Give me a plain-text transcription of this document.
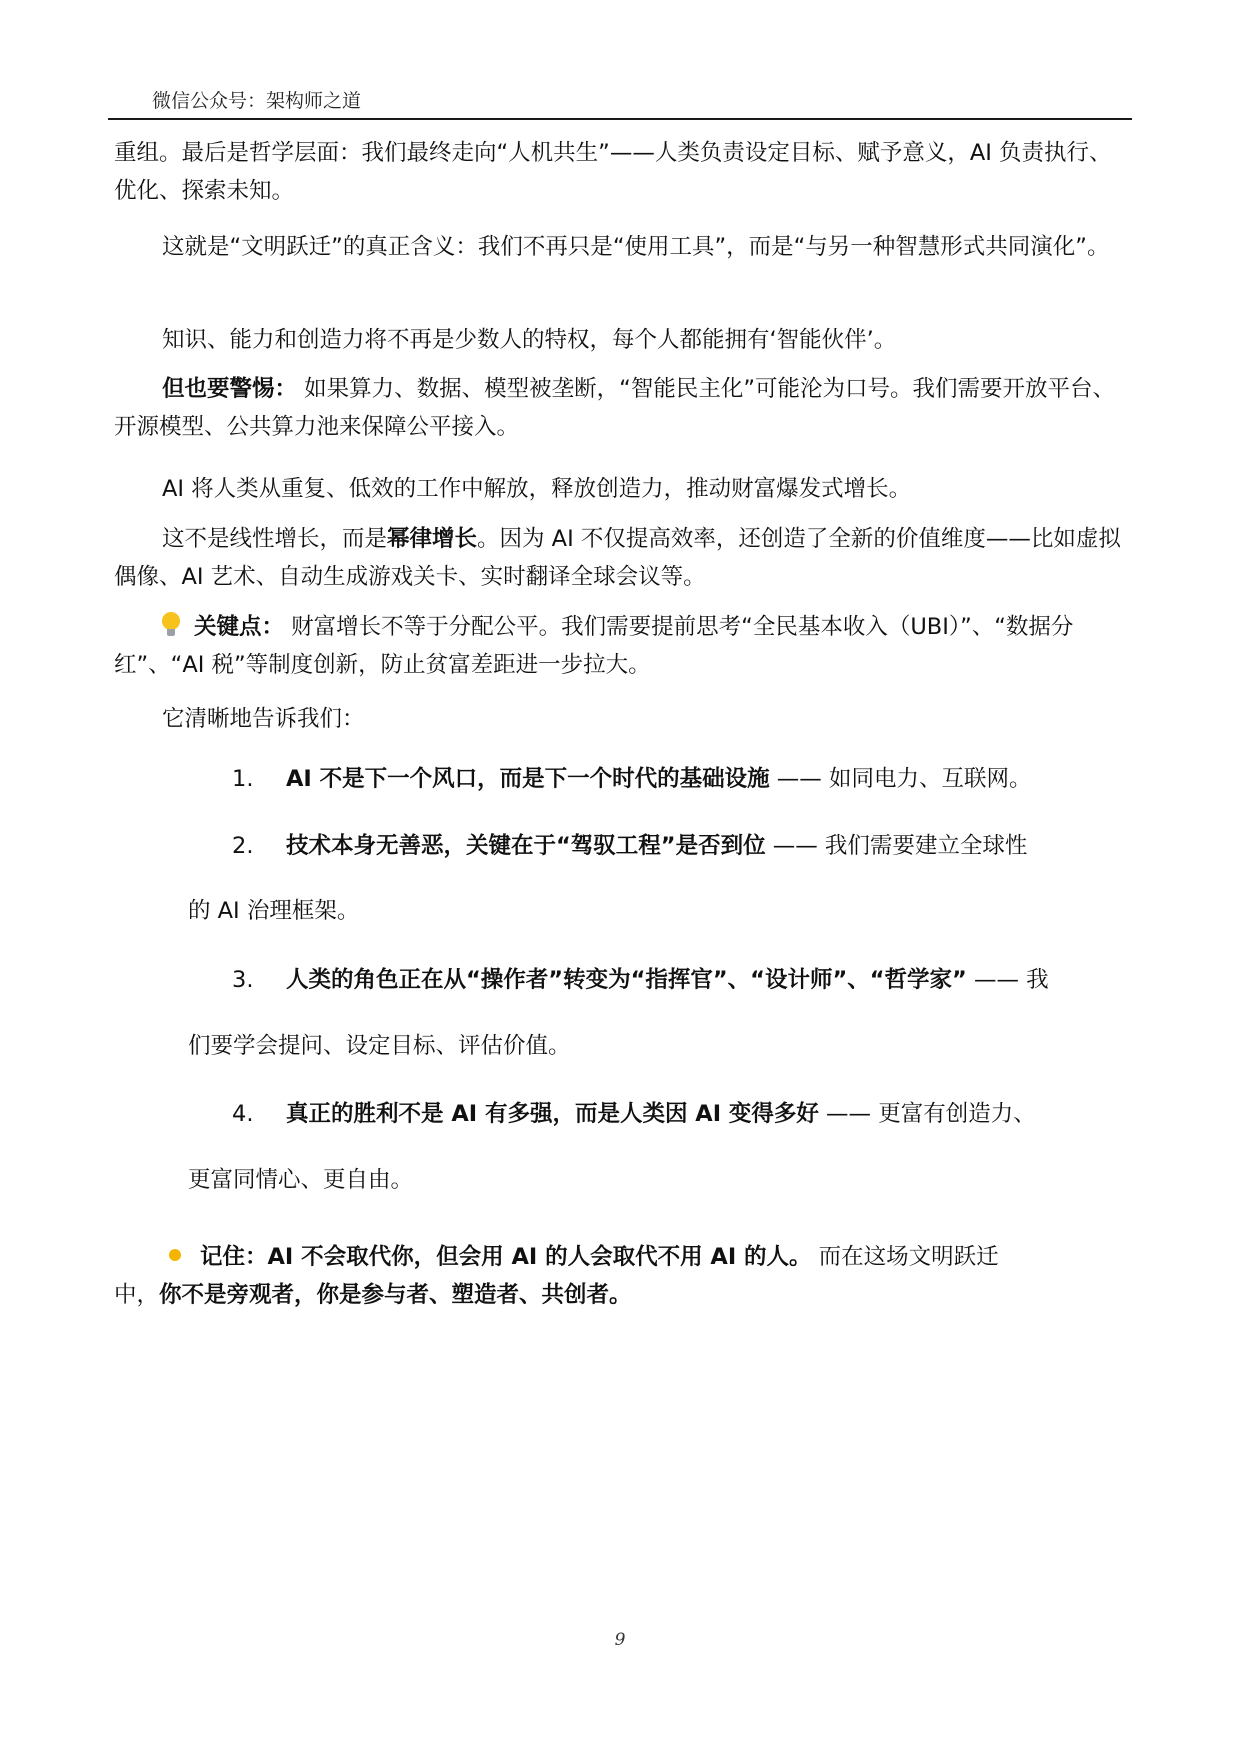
微信公众号：架构师之道

重组。最后是哲学层面：我们最终走向“人机共生”——人类负责设定目标、赋予意义，AI 负责执行、优化、探索未知。

这就是“文明跃迁”的真正含义：我们不再只是“使用工具”，而是“与另一种智慧形式共同演化”。

知识、能力和创造力将不再是少数人的特权，每个人都能拥有‘智能伙伴’。

但也要警惕： 如果算力、数据、模型被垄断，“智能民主化”可能沦为口号。我们需要开放平台、开源模型、公共算力池来保障公平接入。

AI 将人类从重复、低效的工作中解放，释放创造力，推动财富爆发式增长。

这不是线性增长，而是幂律增长。因为 AI 不仅提高效率，还创造了全新的价值维度——比如虚拟偶像、AI 艺术、自动生成游戏关卡、实时翻译全球会议等。

关键点： 财富增长不等于分配公平。我们需要提前思考“全民基本收入（UBI）”、“数据分红”、“AI 税”等制度创新，防止贫富差距进一步拉大。

它清晰地告诉我们：

1. AI 不是下一个风口，而是下一个时代的基础设施 —— 如同电力、互联网。
2. 技术本身无善恶，关键在于“驾驭工程”是否到位 —— 我们需要建立全球性
的 AI 治理框架。
3. 人类的角色正在从“操作者”转变为“指挥官”、“设计师”、“哲学家” —— 我
们要学会提问、设定目标、评估价值。
4. 真正的胜利不是 AI 有多强，而是人类因 AI 变得多好 —— 更富有创造力、
更富同情心、更自由。

记住：AI 不会取代你，但会用 AI 的人会取代不用 AI 的人。 而在这场文明跃迁
中，你不是旁观者，你是参与者、塑造者、共创者。

9
